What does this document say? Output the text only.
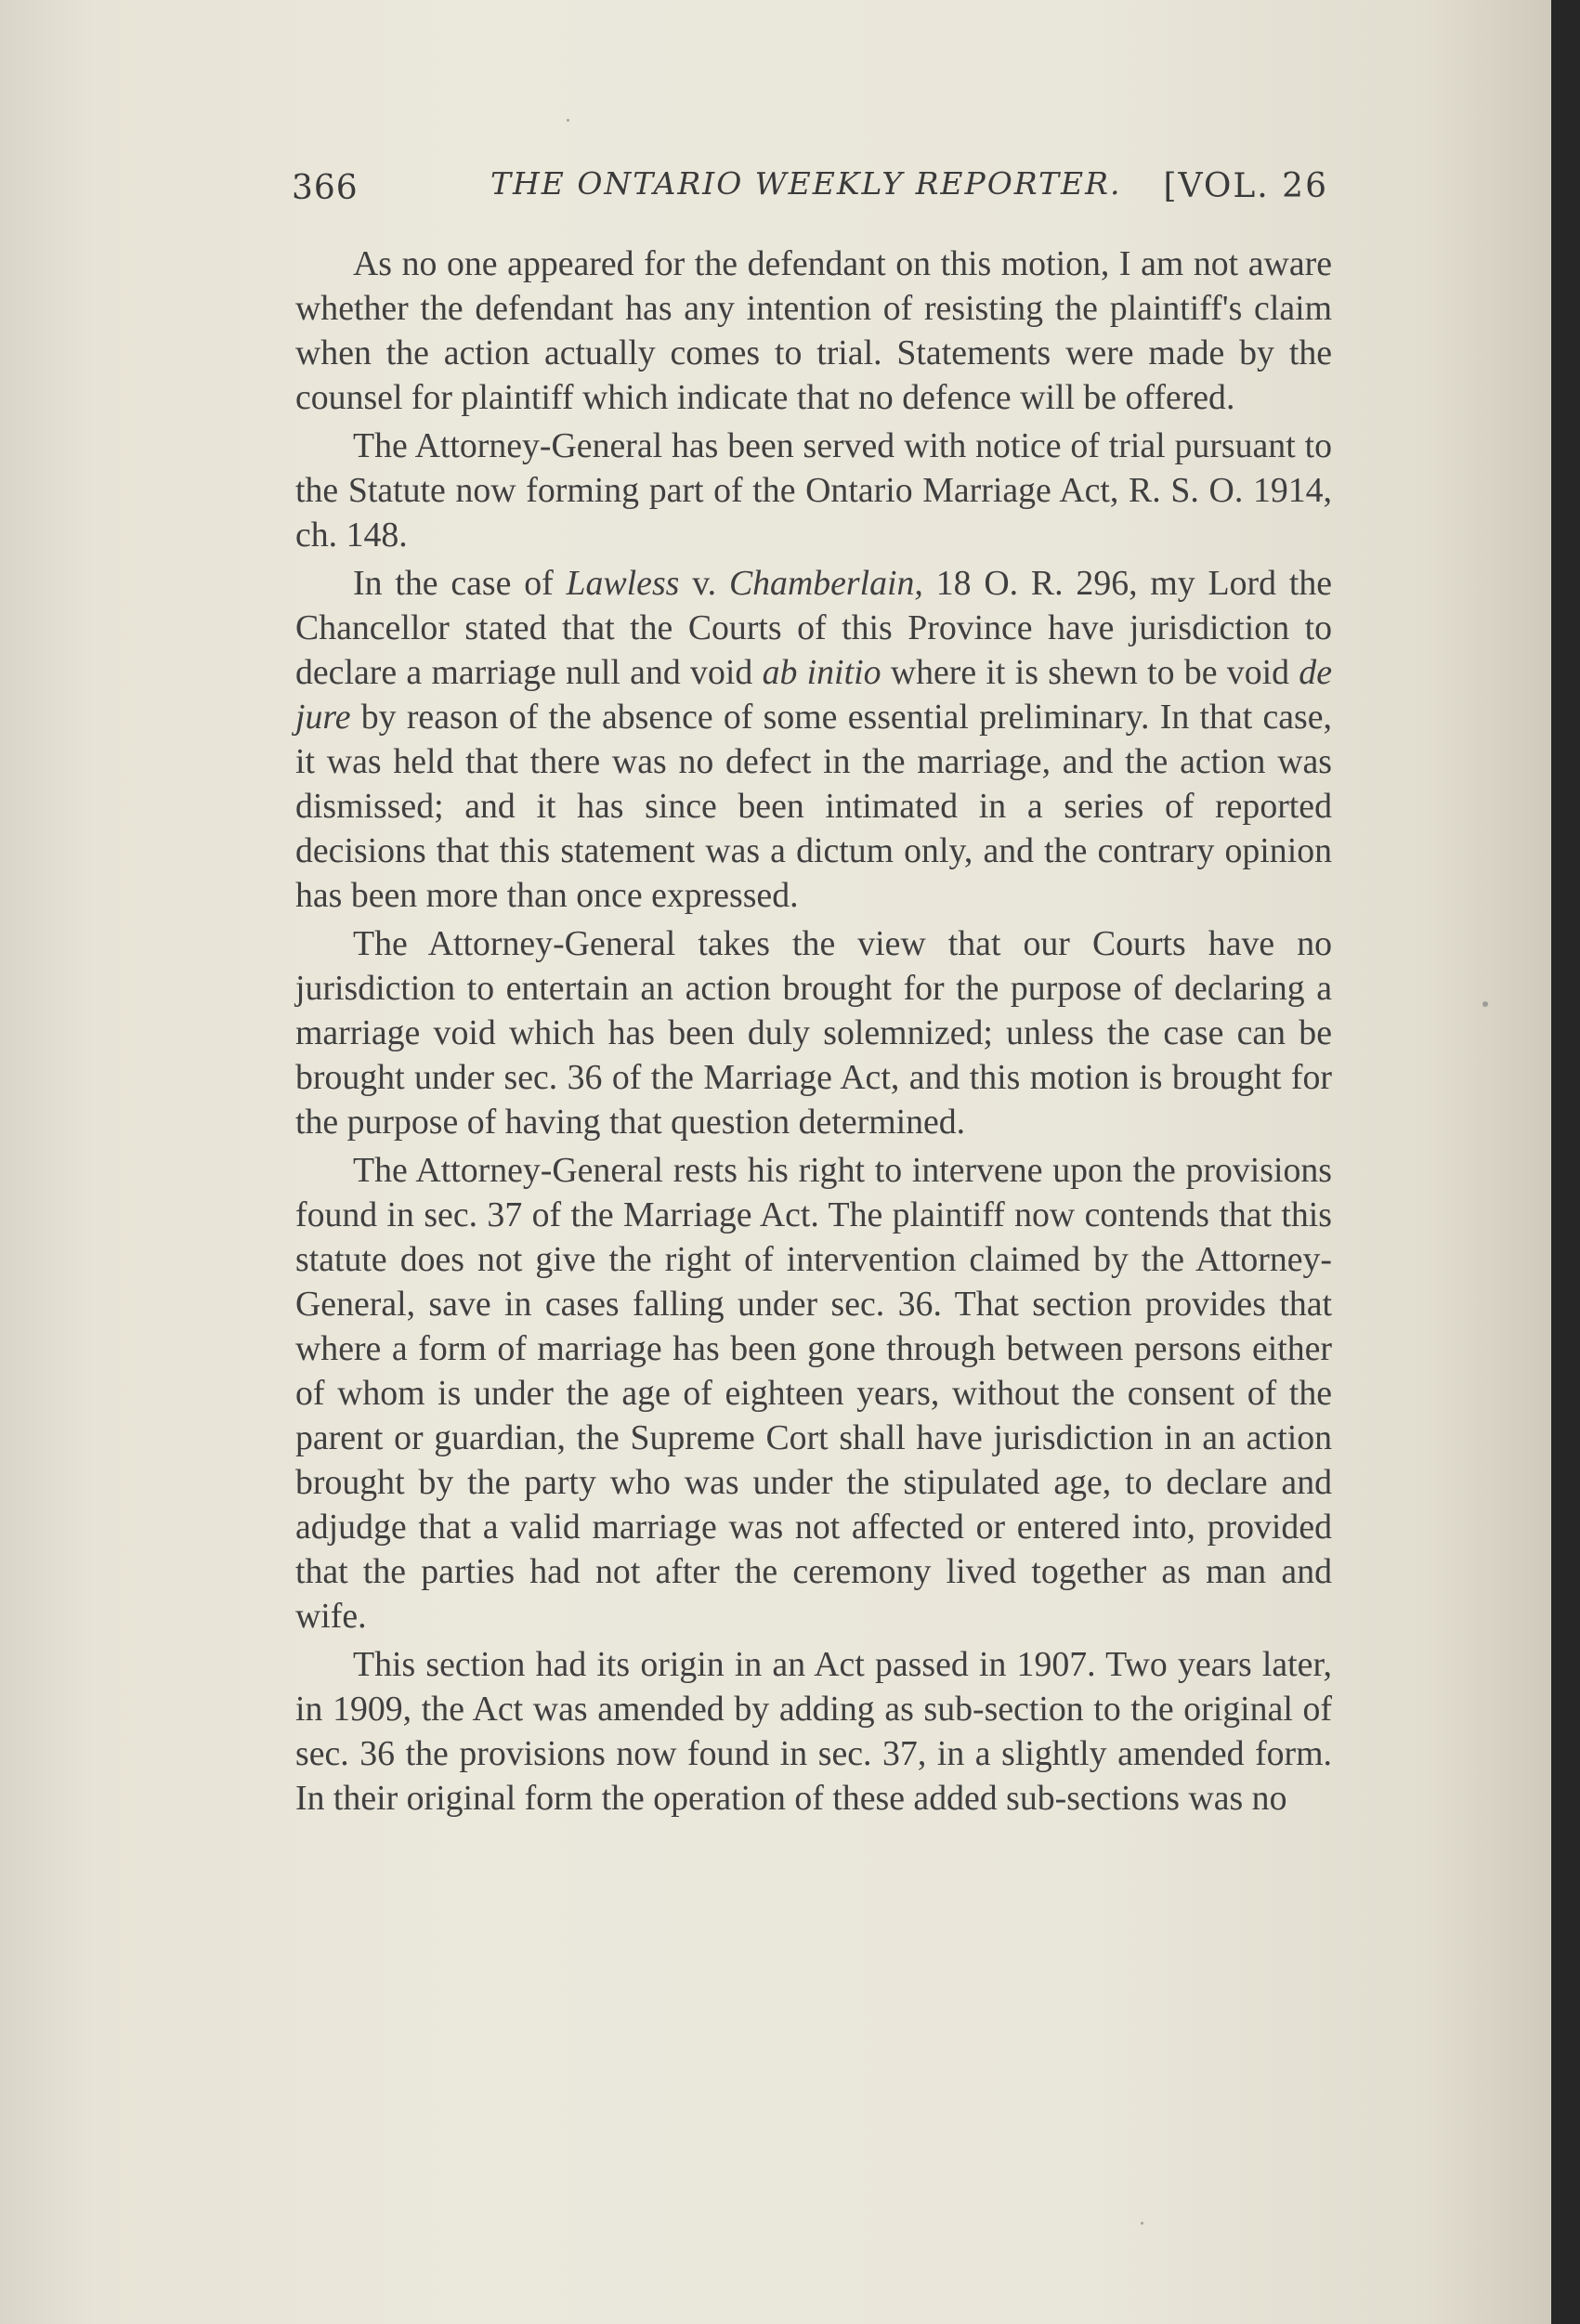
366	THE ONTARIO WEEKLY REPORTER. [VOL. 26

As no one appeared for the defendant on this motion, I am not aware whether the defendant has any intention of resisting the plaintiff's claim when the action actually comes to trial. Statements were made by the counsel for plaintiff which indicate that no defence will be offered.

The Attorney-General has been served with notice of trial pursuant to the Statute now forming part of the Ontario Marriage Act, R. S. O. 1914, ch. 148.

In the case of Lawless v. Chamberlain, 18 O. R. 296, my Lord the Chancellor stated that the Courts of this Province have jurisdiction to declare a marriage null and void ab initio where it is shewn to be void de jure by reason of the absence of some essential preliminary. In that case, it was held that there was no defect in the marriage, and the action was dismissed; and it has since been intimated in a series of reported decisions that this statement was a dictum only, and the contrary opinion has been more than once expressed.

The Attorney-General takes the view that our Courts have no jurisdiction to entertain an action brought for the purpose of declaring a marriage void which has been duly solemnized; unless the case can be brought under sec. 36 of the Marriage Act, and this motion is brought for the purpose of having that question determined.

The Attorney-General rests his right to intervene upon the provisions found in sec. 37 of the Marriage Act. The plaintiff now contends that this statute does not give the right of intervention claimed by the Attorney-General, save in cases falling under sec. 36. That section provides that where a form of marriage has been gone through between persons either of whom is under the age of eighteen years, without the consent of the parent or guardian, the Supreme Cort shall have jurisdiction in an action brought by the party who was under the stipulated age, to declare and adjudge that a valid marriage was not affected or entered into, provided that the parties had not after the ceremony lived together as man and wife.

This section had its origin in an Act passed in 1907. Two years later, in 1909, the Act was amended by adding as sub-section to the original of sec. 36 the provisions now found in sec. 37, in a slightly amended form. In their original form the operation of these added sub-sections was no
